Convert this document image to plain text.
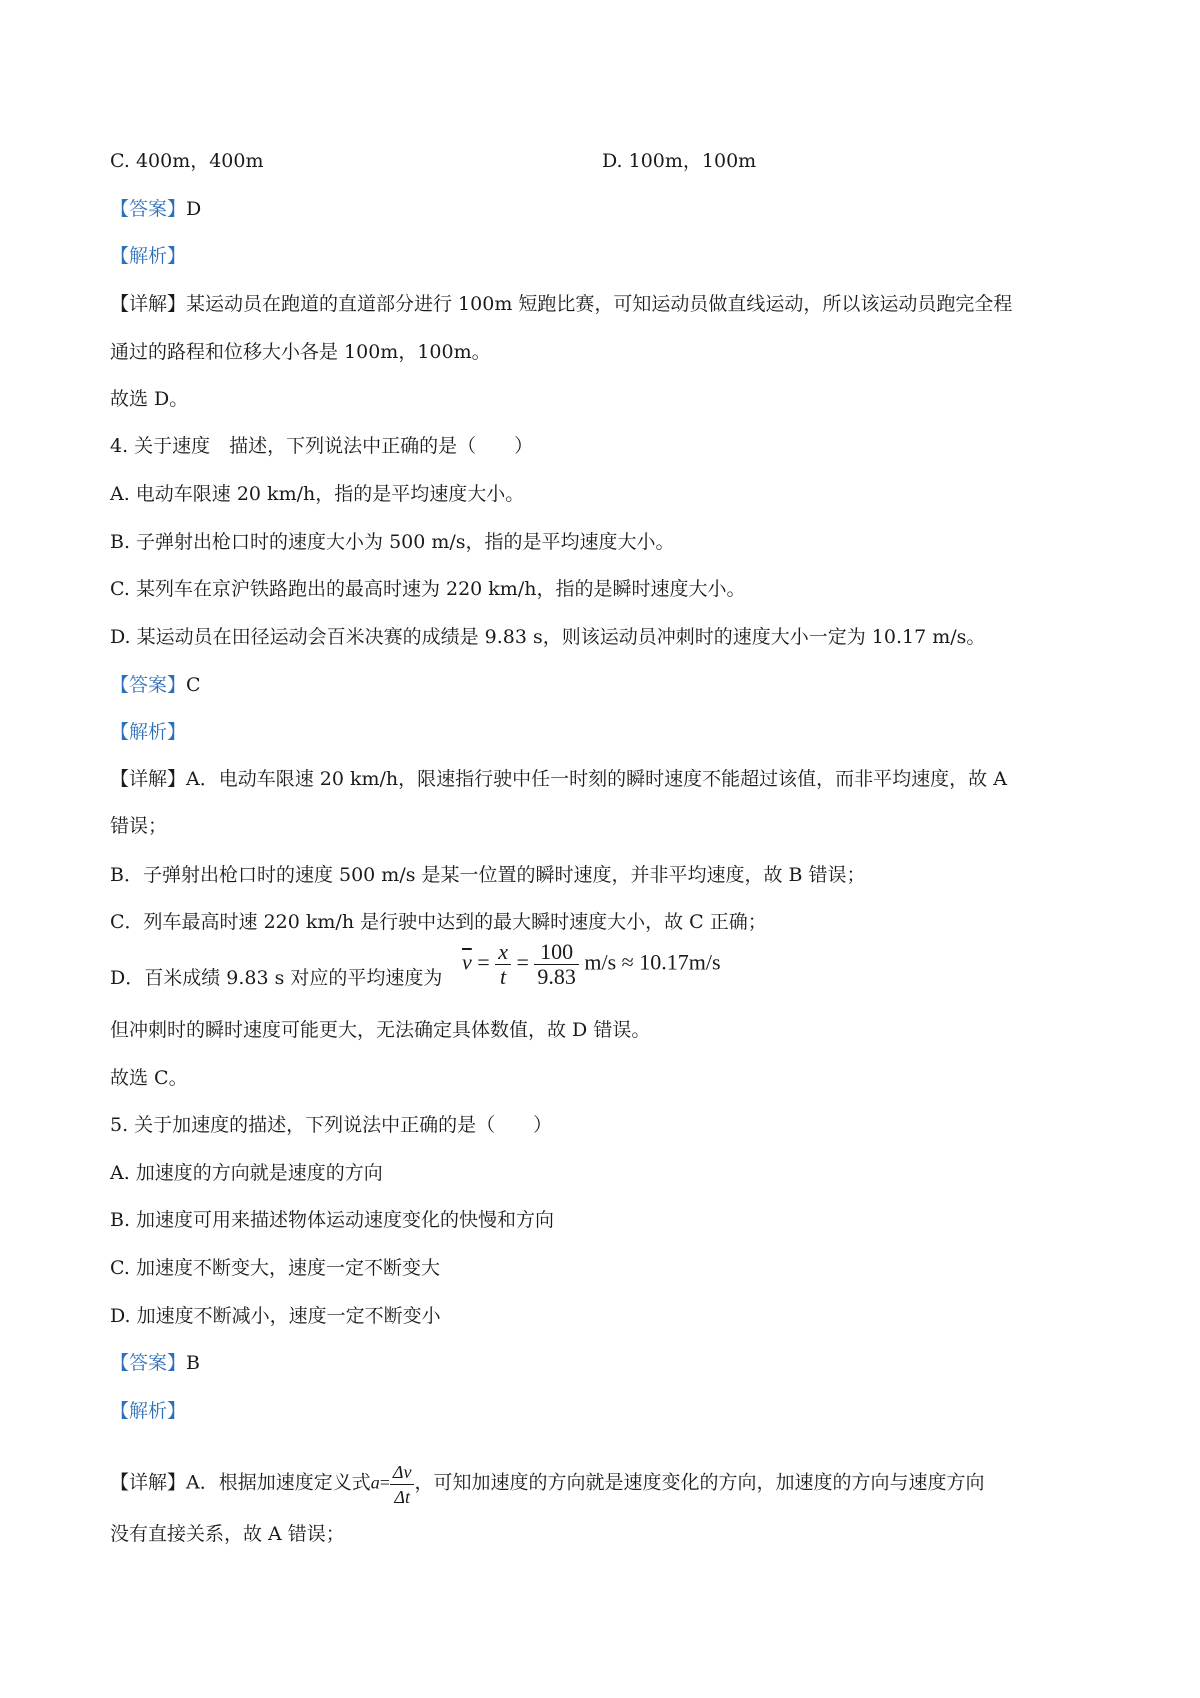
C. 400m，400m	D. 100m，100m
【答案】D
【解析】
【详解】某运动员在跑道的直道部分进行 100m 短跑比赛，可知运动员做直线运动，所以该运动员跑完全程
通过的路程和位移大小各是 100m，100m。
故选 D。
4. 关于速度　描述，下列说法中正确的是（　　）
A. 电动车限速 20 km/h，指的是平均速度大小。
B. 子弹射出枪口时的速度大小为 500 m/s，指的是平均速度大小。
C. 某列车在京沪铁路跑出的最高时速为 220 km/h，指的是瞬时速度大小。
D. 某运动员在田径运动会百米决赛的成绩是 9.83 s，则该运动员冲刺时的速度大小一定为 10.17 m/s。
【答案】C
【解析】
【详解】A．电动车限速 20 km/h，限速指行驶中任一时刻的瞬时速度不能超过该值，而非平均速度，故 A
错误；
B．子弹射出枪口时的速度 500 m/s 是某一位置的瞬时速度，并非平均速度，故 B 错误；
C．列车最高时速 220 km/h 是行驶中达到的最大瞬时速度大小，故 C 正确；
D．百米成绩 9.83 s 对应的平均速度为
$\overline{v} = \frac{x}{t} = \frac{100}{9.83} m/s \approx 10.17m/s$
但冲刺时的瞬时速度可能更大，无法确定具体数值，故 D 错误。
故选 C。
5. 关于加速度的描述，下列说法中正确的是（　　）
A. 加速度的方向就是速度的方向
B. 加速度可用来描述物体运动速度变化的快慢和方向
C. 加速度不断变大，速度一定不断变大
D. 加速度不断减小，速度一定不断变小
【答案】B
【解析】
【详解】A．根据加速度定义式$a= \frac{\Delta v}{\Delta t}$ ，可知加速度的方向就是速度变化的方向，加速度的方向与速度方向
没有直接关系，故 A 错误；
